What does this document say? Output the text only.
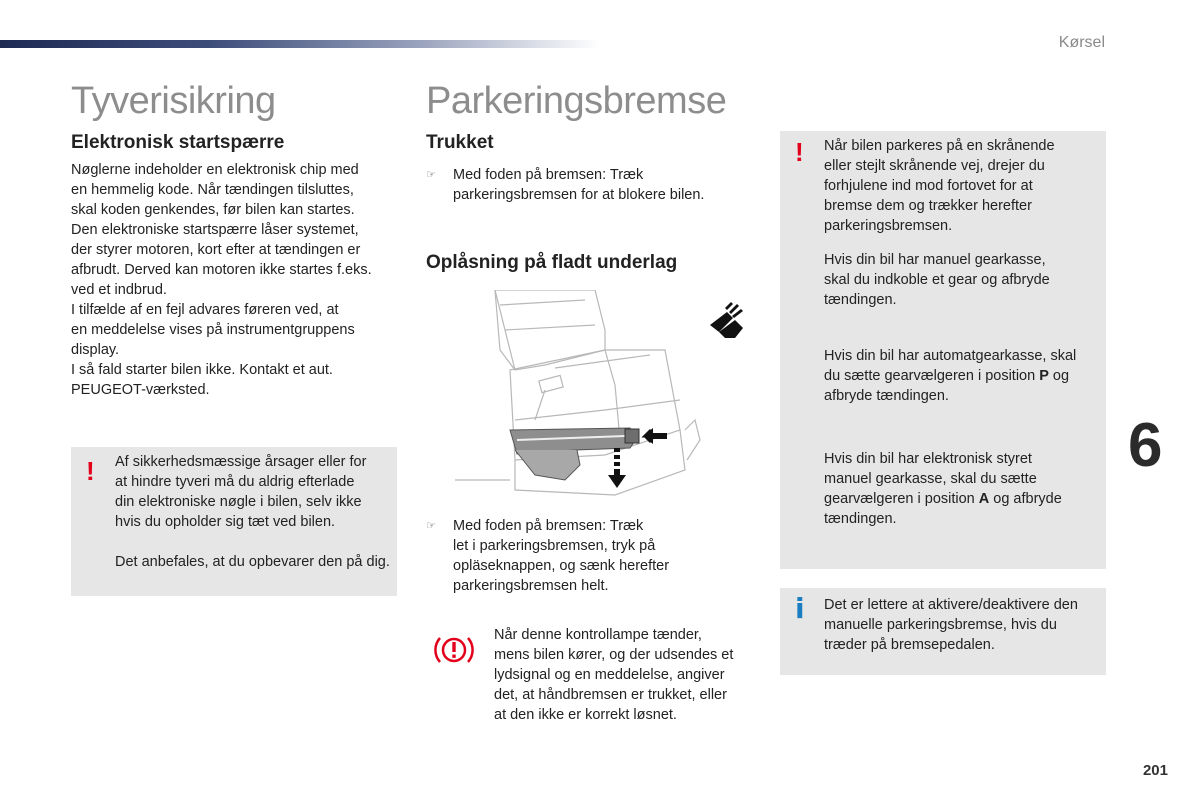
Kørsel
Tyverisikring
Elektronisk startspærre
Nøglerne indeholder en elektronisk chip med
en hemmelig kode. Når tændingen tilsluttes,
skal koden genkendes, før bilen kan startes.
Den elektroniske startspærre låser systemet,
der styrer motoren, kort efter at tændingen er
afbrudt. Derved kan motoren ikke startes f.eks.
ved et indbrud.
I tilfælde af en fejl advares føreren ved, at
en meddelelse vises på instrumentgruppens
display.
I så fald starter bilen ikke. Kontakt et aut.
PEUGEOT-værksted.
! Af sikkerhedsmæssige årsager eller for
at hindre tyveri må du aldrig efterlade
din elektroniske nøgle i bilen, selv ikke
hvis du opholder sig tæt ved bilen.
Det anbefales, at du opbevarer den på dig.
Parkeringsbremse
Trukket
☞ Med foden på bremsen: Træk
parkeringsbremsen for at blokere bilen.
Oplåsning på fladt underlag
☞ Med foden på bremsen: Træk
let i parkeringsbremsen, tryk på
opläseknappen, og sænk herefter
parkeringsbremsen helt.
Når denne kontrollampe tænder,
mens bilen kører, og der udsendes et
lydsignal og en meddelelse, angiver
det, at håndbremsen er trukket, eller
at den ikke er korrekt løsnet.
! Når bilen parkeres på en skrånende
eller stejlt skrånende vej, drejer du
forhjulene ind mod fortovet for at
bremse dem og trækker herefter
parkeringsbremsen.
Hvis din bil har manuel gearkasse,
skal du indkoble et gear og afbryde
tændingen.
Hvis din bil har automatgearkasse, skal
du sætte gearvælgeren i position P og
afbryde tændingen.
Hvis din bil har elektronisk styret
manuel gearkasse, skal du sætte
gearvælgeren i position A og afbryde
tændingen.
i Det er lettere at aktivere/deaktivere den
manuelle parkeringsbremse, hvis du
træder på bremsepedalen.
6
201
